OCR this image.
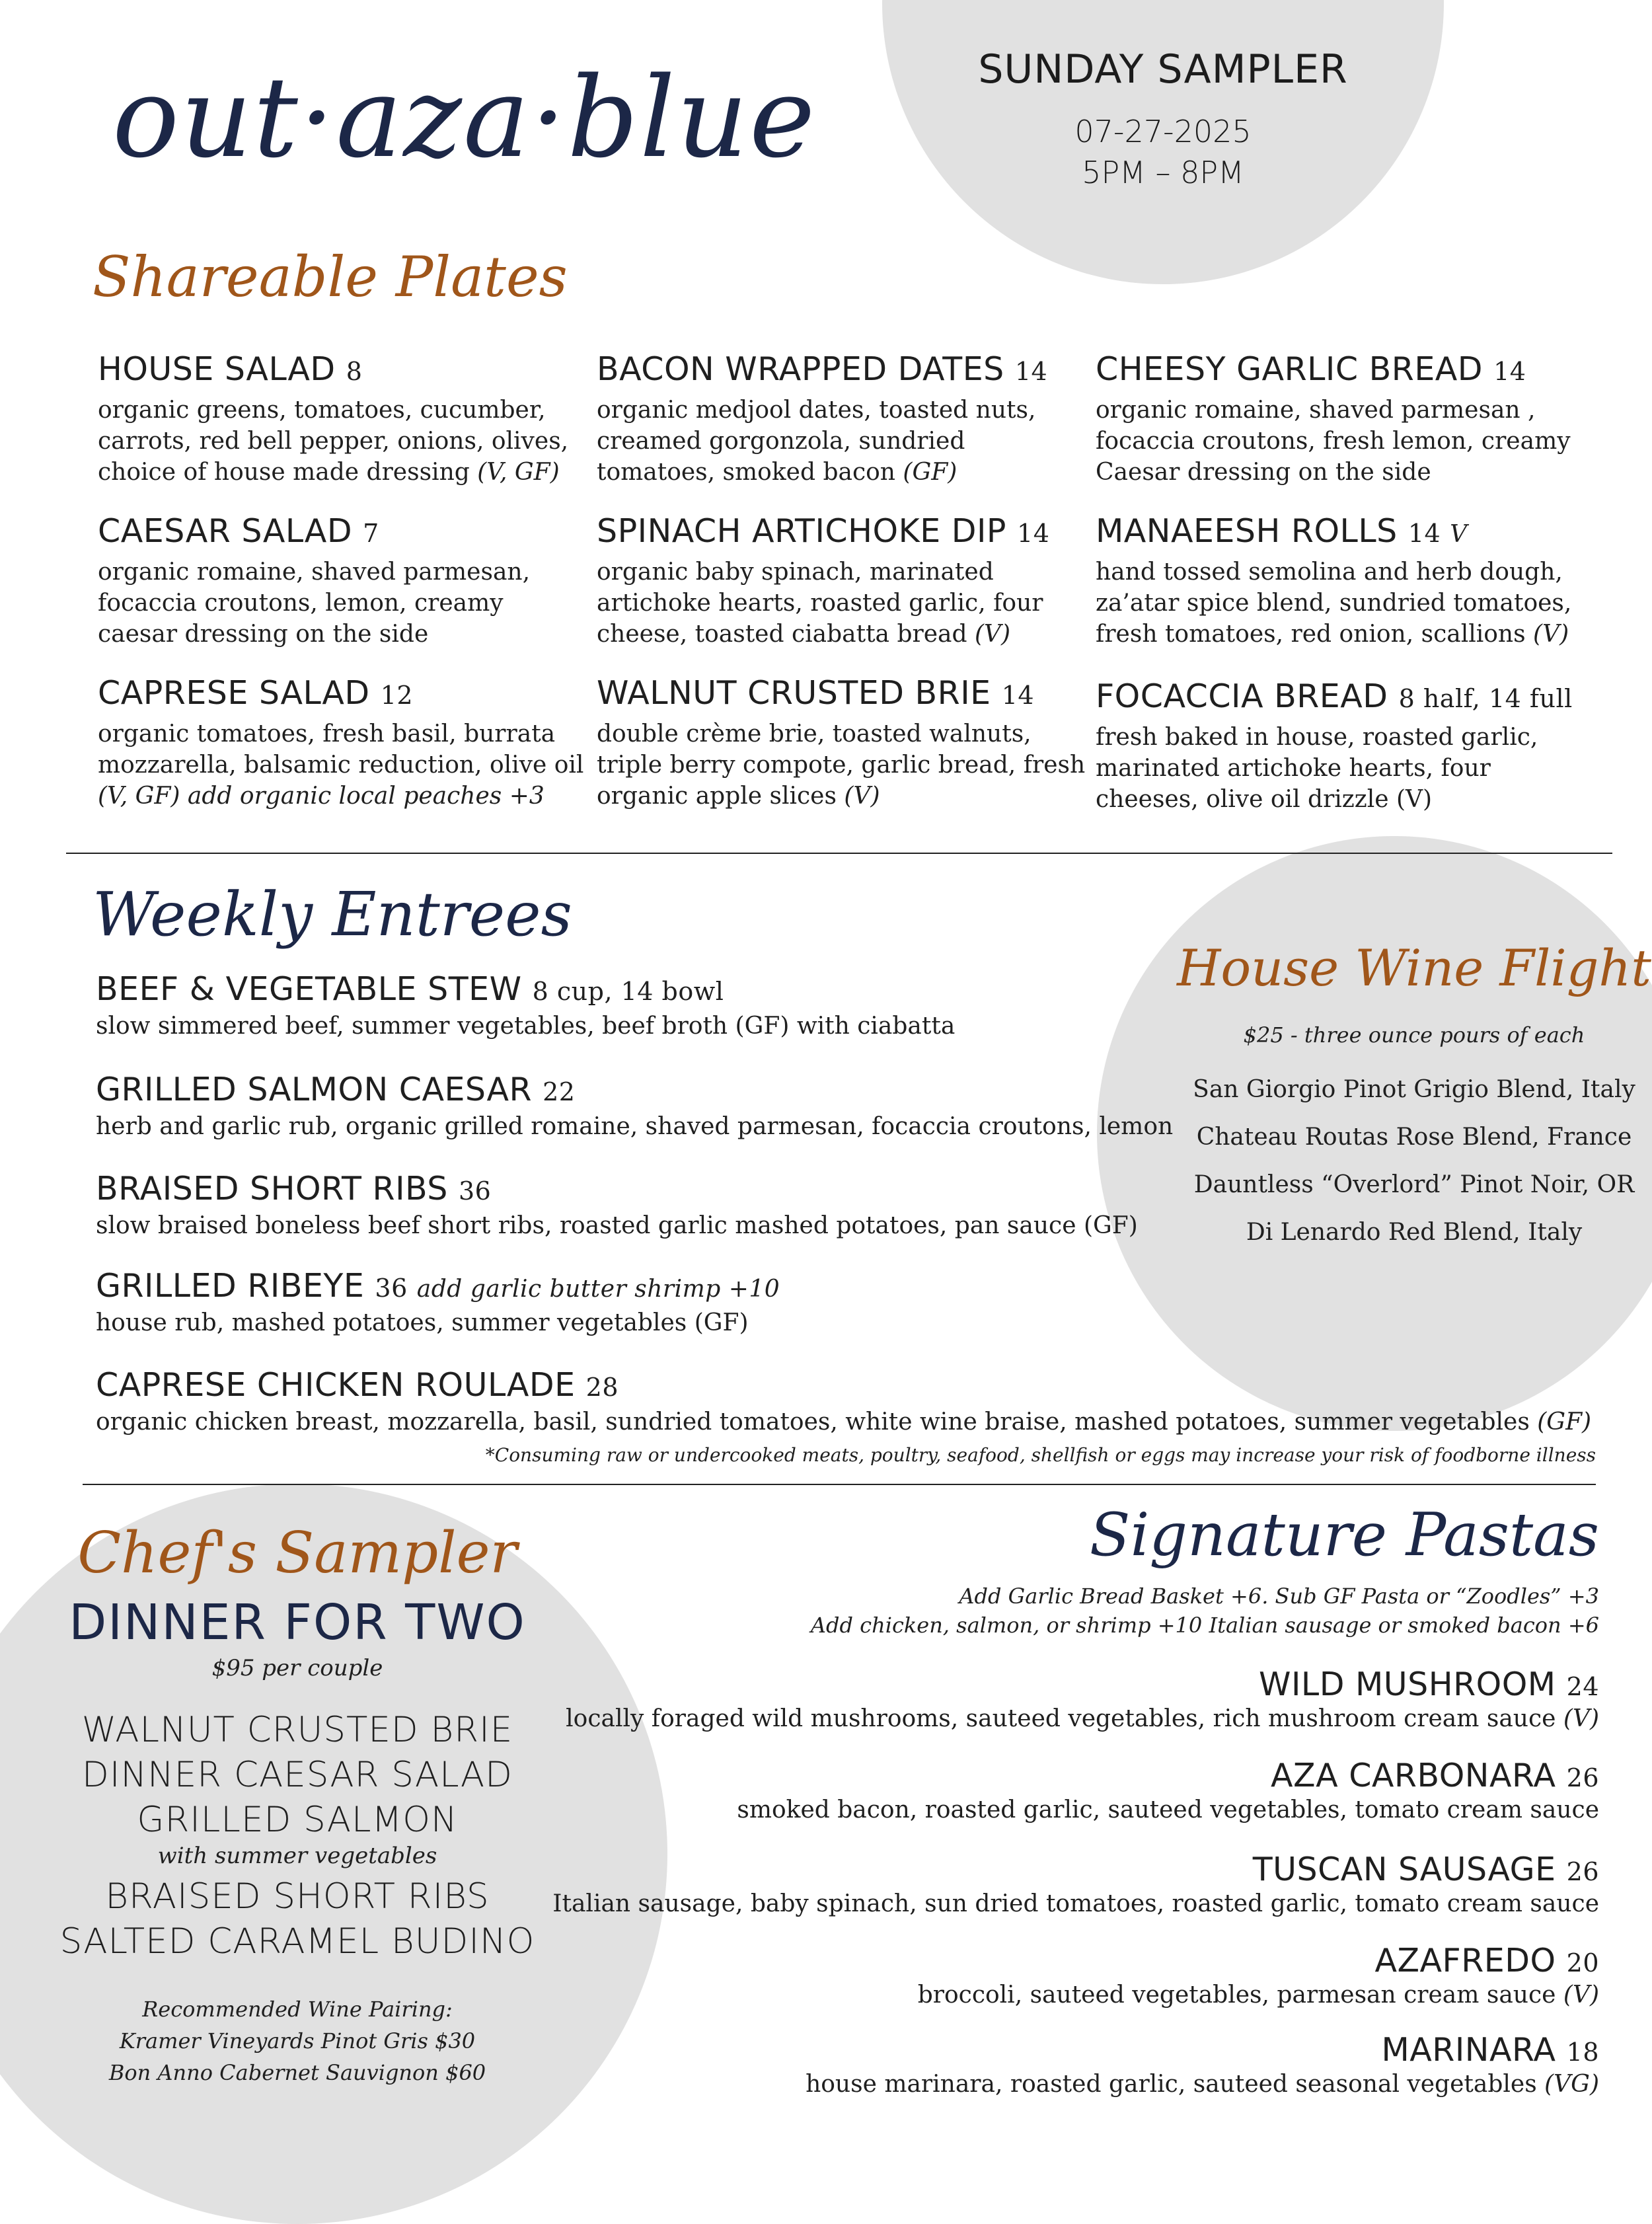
out·aza·blue	SUNDAY SAMPLER
07-27-2025
5PM – 8PM
Shareable Plates
HOUSE SALAD 8
organic greens, tomatoes, cucumber, carrots, red bell pepper, onions, olives, choice of house made dressing (V, GF)
CAESAR SALAD 7
organic romaine, shaved parmesan, focaccia croutons, lemon, creamy caesar dressing on the side
CAPRESE SALAD 12
organic tomatoes, fresh basil, burrata mozzarella, balsamic reduction, olive oil (V, GF) add organic local peaches +3
BACON WRAPPED DATES 14
organic medjool dates, toasted nuts, creamed gorgonzola, sundried tomatoes, smoked bacon (GF)
SPINACH ARTICHOKE DIP 14
organic baby spinach, marinated artichoke hearts, roasted garlic, four cheese, toasted ciabatta bread (V)
WALNUT CRUSTED BRIE 14
double crème brie, toasted walnuts, triple berry compote, garlic bread, fresh organic apple slices (V)
CHEESY GARLIC BREAD 14
organic romaine, shaved parmesan , focaccia croutons, fresh lemon, creamy Caesar dressing on the side
MANAEESH ROLLS 14 V
hand tossed semolina and herb dough, za’atar spice blend, sundried tomatoes, fresh tomatoes, red onion, scallions (V)
FOCACCIA BREAD 8 half, 14 full
fresh baked in house, roasted garlic, marinated artichoke hearts, four cheeses, olive oil drizzle (V)
Weekly Entrees
BEEF & VEGETABLE STEW 8 cup, 14 bowl
slow simmered beef, summer vegetables, beef broth (GF) with ciabatta
GRILLED SALMON CAESAR 22
herb and garlic rub, organic grilled romaine, shaved parmesan, focaccia croutons, lemon
BRAISED SHORT RIBS 36
slow braised boneless beef short ribs, roasted garlic mashed potatoes, pan sauce (GF)
GRILLED RIBEYE 36 add garlic butter shrimp +10
house rub, mashed potatoes, summer vegetables (GF)
CAPRESE CHICKEN ROULADE 28
organic chicken breast, mozzarella, basil, sundried tomatoes, white wine braise, mashed potatoes, summer vegetables (GF)
*Consuming raw or undercooked meats, poultry, seafood, shellfish or eggs may increase your risk of foodborne illness
House Wine Flight
$25 - three ounce pours of each
San Giorgio Pinot Grigio Blend, Italy
Chateau Routas Rose Blend, France
Dauntless “Overlord” Pinot Noir, OR
Di Lenardo Red Blend, Italy
Chef's Sampler
DINNER FOR TWO
$95 per couple
WALNUT CRUSTED BRIE
DINNER CAESAR SALAD
GRILLED SALMON
with summer vegetables
BRAISED SHORT RIBS
SALTED CARAMEL BUDINO
Recommended Wine Pairing:
Kramer Vineyards Pinot Gris $30
Bon Anno Cabernet Sauvignon $60
Signature Pastas
Add Garlic Bread Basket +6. Sub GF Pasta or “Zoodles” +3
Add chicken, salmon, or shrimp +10 Italian sausage or smoked bacon +6
WILD MUSHROOM 24
locally foraged wild mushrooms, sauteed vegetables, rich mushroom cream sauce (V)
AZA CARBONARA 26
smoked bacon, roasted garlic, sauteed vegetables, tomato cream sauce
TUSCAN SAUSAGE 26
Italian sausage, baby spinach, sun dried tomatoes, roasted garlic, tomato cream sauce
AZAFREDO 20
broccoli, sauteed vegetables, parmesan cream sauce (V)
MARINARA 18
house marinara, roasted garlic, sauteed seasonal vegetables (VG)
